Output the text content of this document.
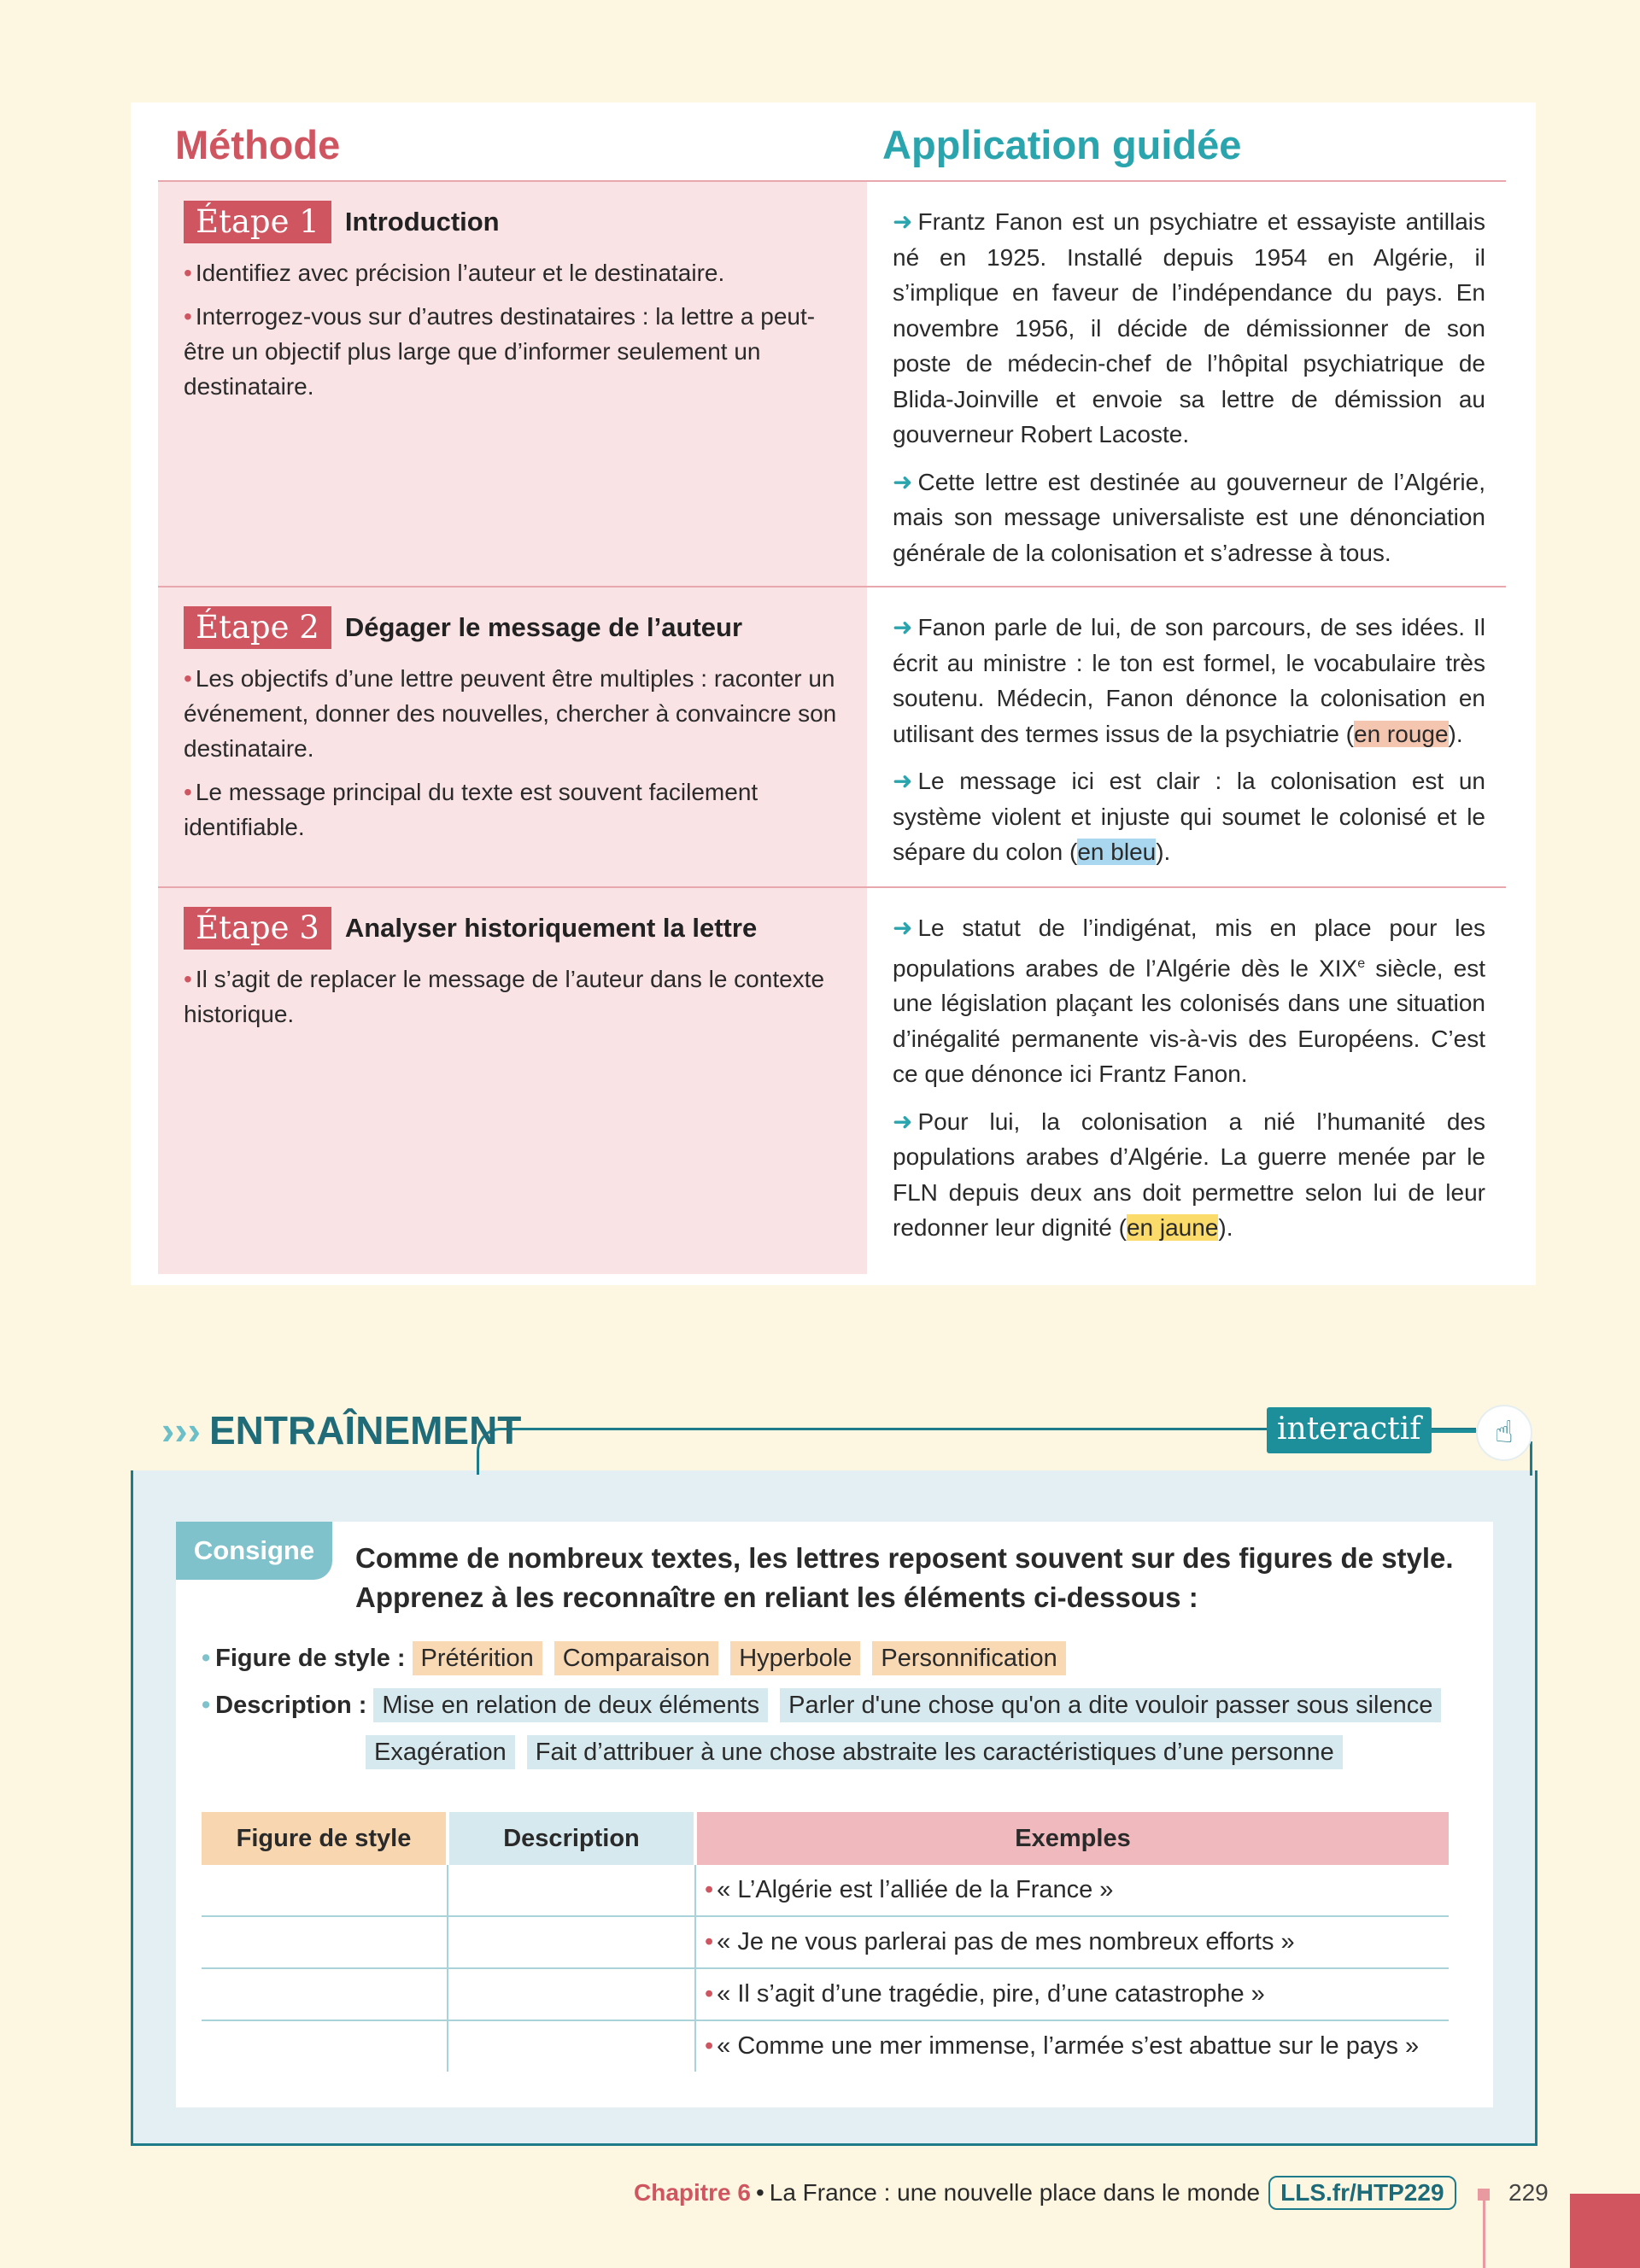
Méthode	Application guidée
Étape 1 Introduction

• Identifiez avec précision l’auteur et le destinataire.

• Interrogez-vous sur d’autres destinataires : la lettre a peut-être un objectif plus large que d’informer seulement un destinataire.

➜ Frantz Fanon est un psychiatre et essayiste antillais né en 1925. Installé depuis 1954 en Algérie, il s’implique en faveur de l’indépendance du pays. En novembre 1956, il décide de démissionner de son poste de médecin-chef de l’hôpital psychiatrique de Blida-Joinville et envoie sa lettre de démission au gouverneur Robert Lacoste.

➜ Cette lettre est destinée au gouverneur de l’Algérie, mais son message universaliste est une dénonciation générale de la colonisation et s’adresse à tous.

Étape 2 Dégager le message de l’auteur

• Les objectifs d’une lettre peuvent être multiples : raconter un événement, donner des nouvelles, chercher à convaincre son destinataire.

• Le message principal du texte est souvent facilement identifiable.

➜ Fanon parle de lui, de son parcours, de ses idées. Il écrit au ministre : le ton est formel, le vocabulaire très soutenu. Médecin, Fanon dénonce la colonisation en utilisant des termes issus de la psychiatrie (en rouge).

➜ Le message ici est clair : la colonisation est un système violent et injuste qui soumet le colonisé et le sépare du colon (en bleu).

Étape 3 Analyser historiquement la lettre

• Il s’agit de replacer le message de l’auteur dans le contexte historique.

➜ Le statut de l’indigénat, mis en place pour les populations arabes de l’Algérie dès le XIXe siècle, est une législation plaçant les colonisés dans une situation d’inégalité permanente vis-à-vis des Européens. C’est ce que dénonce ici Frantz Fanon.

➜ Pour lui, la colonisation a nié l’humanité des populations arabes d’Algérie. La guerre menée par le FLN depuis deux ans doit permettre selon lui de leur redonner leur dignité (en jaune).

››› ENTRAÎNEMENT	interactif	☝
Consigne	Comme de nombreux textes, les lettres reposent souvent sur des figures de style. Apprenez à les reconnaître en reliant les éléments ci-dessous :
• Figure de style : Prétérition	Comparaison	Hyperbole	Personnification
• Description : Mise en relation de deux éléments	Parler d'une chose qu'on a dite vouloir passer sous silence
Exagération	Fait d’attribuer à une chose abstraite les caractéristiques d’une personne
Figure de style	Description	Exemples
		• « L’Algérie est l’alliée de la France »
		• « Je ne vous parlerai pas de mes nombreux efforts »
		• « Il s’agit d’une tragédie, pire, d’une catastrophe »
		• « Comme une mer immense, l’armée s’est abattue sur le pays »
Chapitre 6 • La France : une nouvelle place dans le monde LLS.fr/HTP229	229
